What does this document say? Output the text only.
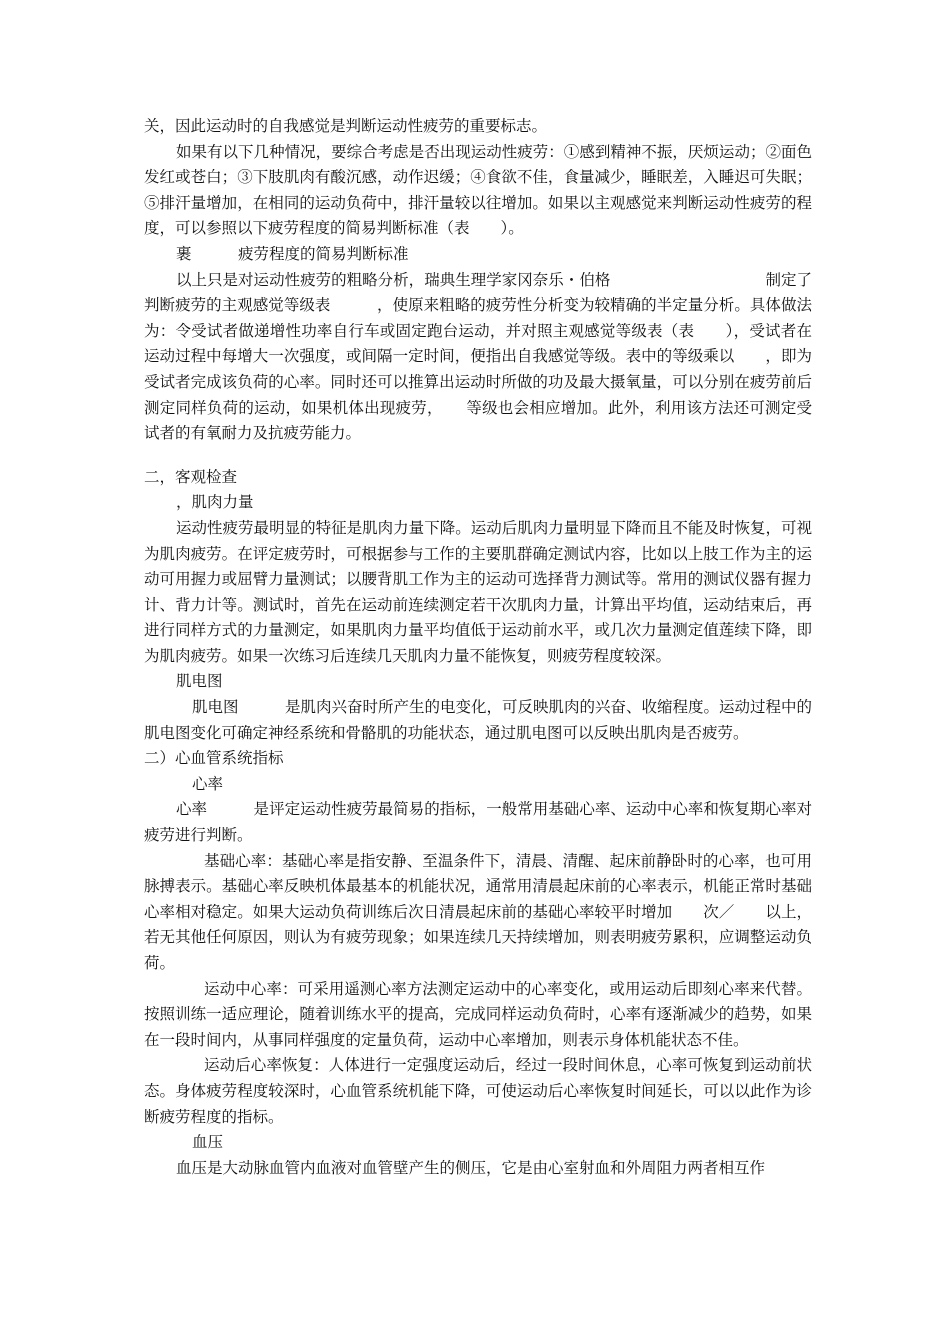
关，因此运动时的自我感觉是判断运动性疲劳的重要标志。

如果有以下几种情况，要综合考虑是否出现运动性疲劳：①感到精神不振，厌烦运动；②面色发红或苍白；③下肢肌肉有酸沉感，动作迟缓；④食欲不佳，食量减少，睡眠差，入睡迟可失眠；⑤排汗量增加，在相同的运动负荷中，排汗量较以往增加。如果以主观感觉来判断运动性疲劳的程度，可以参照以下疲劳程度的简易判断标准（表　　）。

裹　　　疲劳程度的简易判断标准

以上只是对运动性疲劳的粗略分析，瑞典生理学家冈奈乐・伯格　　　　　　　　　　制定了判断疲劳的主观感觉等级表　　　，使原来粗略的疲劳性分析变为较精确的半定量分析。具体做法为：令受试者做递增性功率自行车或固定跑台运动，并对照主观感觉等级表（表　　），受试者在运动过程中每增大一次强度，或间隔一定时间，便指出自我感觉等级。表中的等级乘以　　，即为受试者完成该负荷的心率。同时还可以推算出运动时所做的功及最大摄氧量，可以分别在疲劳前后测定同样负荷的运动，如果机体出现疲劳，　　等级也会相应增加。此外，利用该方法还可测定受试者的有氧耐力及抗疲劳能力。

二，客观检查

，肌肉力量

运动性疲劳最明显的特征是肌肉力量下降。运动后肌肉力量明显下降而且不能及时恢复，可视为肌肉疲劳。在评定疲劳时，可根据参与工作的主要肌群确定测试内容，比如以上肢工作为主的运动可用握力或屈臂力量测试；以腰背肌工作为主的运动可选择背力测试等。常用的测试仪器有握力计、背力计等。测试时，首先在运动前连续测定若干次肌肉力量，计算出平均值，运动结束后，再进行同样方式的力量测定，如果肌肉力量平均值低于运动前水平，或几次力量测定值莲续下降，即为肌肉疲劳。如果一次练习后连续几天肌肉力量不能恢复，则疲劳程度较深。

肌电图

肌电图　　　是肌肉兴奋时所产生的电变化，可反映肌肉的兴奋、收缩程度。运动过程中的肌电图变化可确定神经系统和骨骼肌的功能状态，通过肌电图可以反映出肌肉是否疲劳。

二）心血管系统指标

心率

心率　　　是评定运动性疲劳最简易的指标，一般常用基础心率、运动中心率和恢复期心率对疲劳进行判断。

基础心率：基础心率是指安静、至温条件下，清晨、清醒、起床前静卧时的心率，也可用脉搏表示。基础心率反映机体最基本的机能状况，通常用清晨起床前的心率表示，机能正常时基础心率相对稳定。如果大运动负荷训练后次日清晨起床前的基础心率较平时增加　　次／　　以上，若无其他任何原因，则认为有疲劳现象；如果连续几天持续增加，则表明疲劳累积，应调整运动负荷。

运动中心率：可采用遥测心率方法测定运动中的心率变化，或用运动后即刻心率来代替。按照训练一适应理论，随着训练水平的提高，完成同样运动负荷时，心率有逐渐减少的趋势，如果在一段时间内，从事同样强度的定量负荷，运动中心率增加，则表示身体机能状态不佳。

运动后心率恢复：人体进行一定强度运动后，经过一段时间休息，心率可恢复到运动前状态。身体疲劳程度较深时，心血管系统机能下降，可使运动后心率恢复时间延长，可以以此作为诊断疲劳程度的指标。

血压

血压是大动脉血管内血液对血管壁产生的侧压，它是由心室射血和外周阻力两者相互作
